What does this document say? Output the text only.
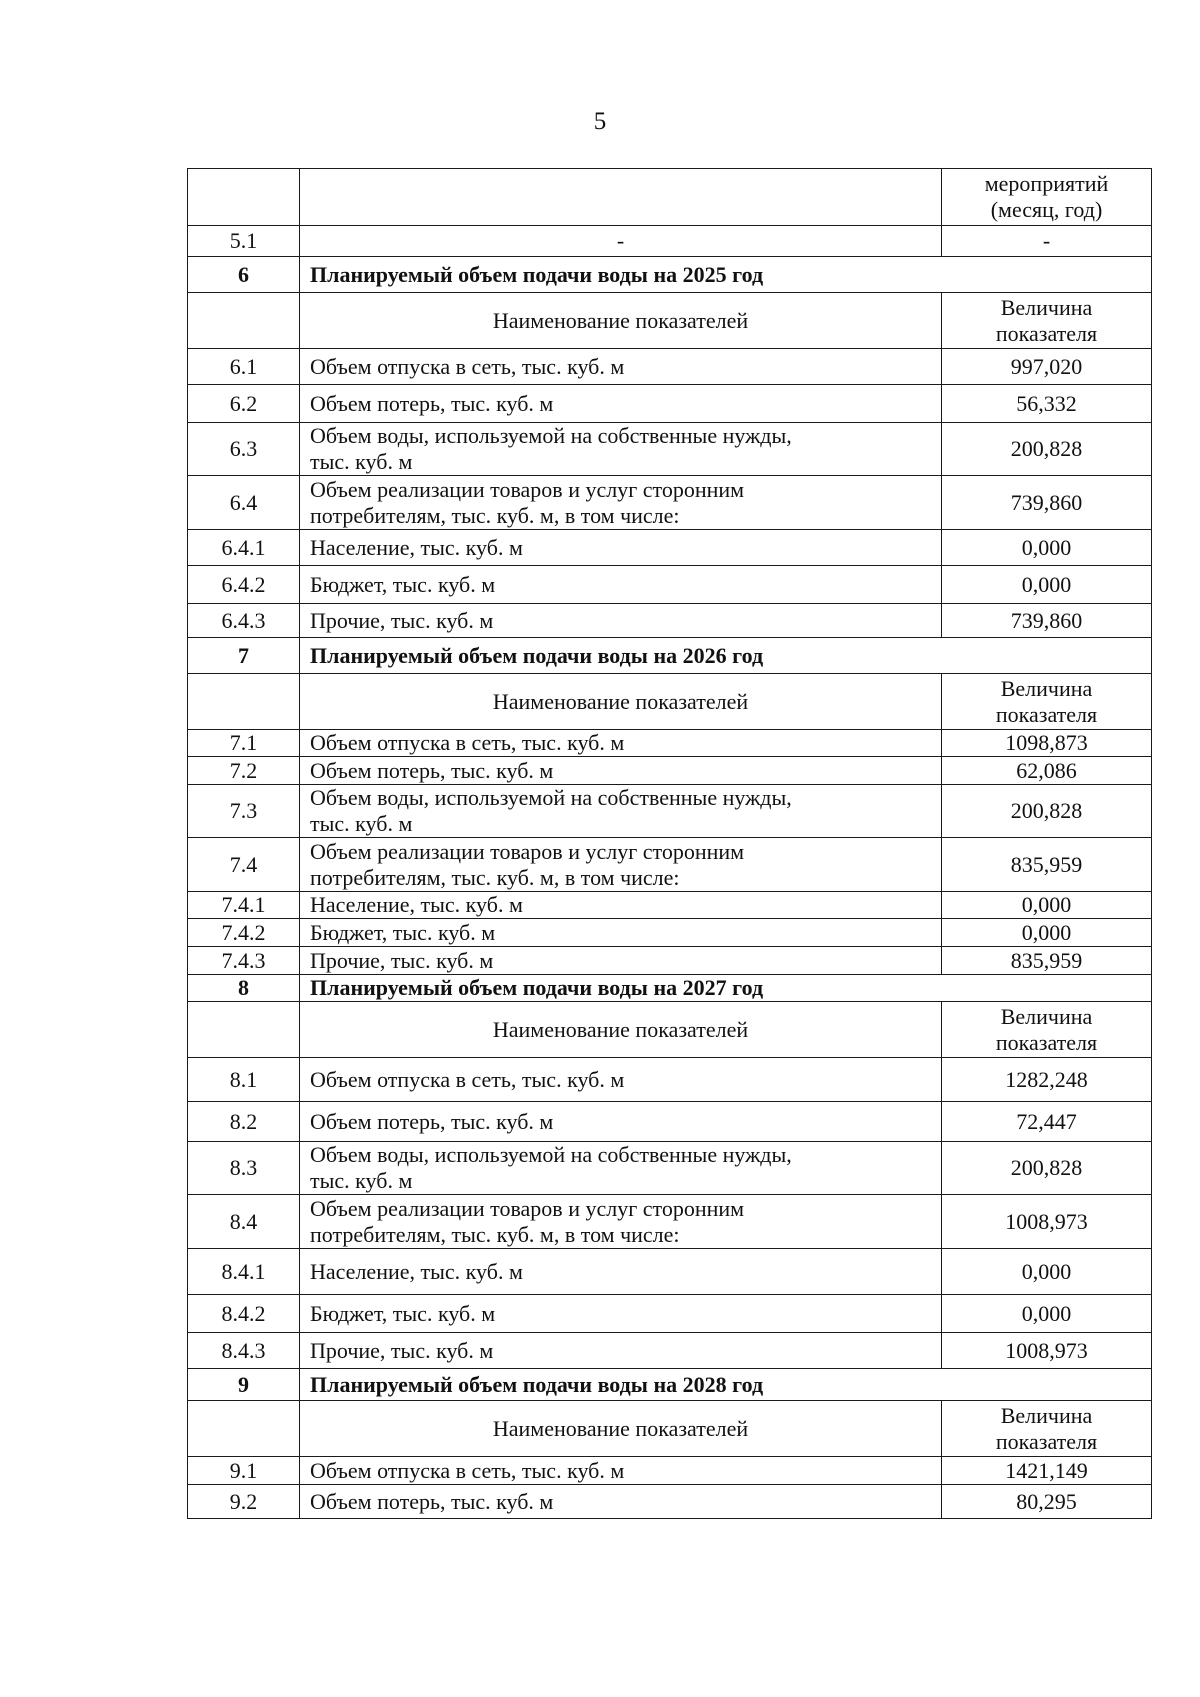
5

		мероприятий
(месяц, год)

5.1	-	-
6	Планируемый объем подачи воды на 2025 год	
	Наименование показателей	Величина
показателя

6.1	Объем отпуска в сеть, тыс. куб. м	997,020
6.2	Объем потерь, тыс. куб. м	56,332
6.3	Объем воды, используемой на собственные нужды,
тыс. куб. м	200,828
6.4	Объем реализации товаров и услуг сторонним
потребителям, тыс. куб. м, в том числе:	739,860
6.4.1	Население, тыс. куб. м	0,000
6.4.2	Бюджет, тыс. куб. м	0,000
6.4.3	Прочие, тыс. куб. м	739,860
7	Планируемый объем подачи воды на 2026 год	
	Наименование показателей	Величина
показателя

7.1	Объем отпуска в сеть, тыс. куб. м	1098,873
7.2	Объем потерь, тыс. куб. м	62,086
7.3	Объем воды, используемой на собственные нужды,
тыс. куб. м	200,828
7.4	Объем реализации товаров и услуг сторонним
потребителям, тыс. куб. м, в том числе:	835,959
7.4.1	Население, тыс. куб. м	0,000
7.4.2	Бюджет, тыс. куб. м	0,000
7.4.3	Прочие, тыс. куб. м	835,959
8	Планируемый объем подачи воды на 2027 год	
	Наименование показателей	Величина
показателя

8.1	Объем отпуска в сеть, тыс. куб. м	1282,248
8.2	Объем потерь, тыс. куб. м	72,447
8.3	Объем воды, используемой на собственные нужды,
тыс. куб. м	200,828
8.4	Объем реализации товаров и услуг сторонним
потребителям, тыс. куб. м, в том числе:	1008,973
8.4.1	Население, тыс. куб. м	0,000
8.4.2	Бюджет, тыс. куб. м	0,000
8.4.3	Прочие, тыс. куб. м	1008,973
9	Планируемый объем подачи воды на 2028 год	
	Наименование показателей	Величина
показателя

9.1	Объем отпуска в сеть, тыс. куб. м	1421,149
9.2	Объем потерь, тыс. куб. м	80,295
